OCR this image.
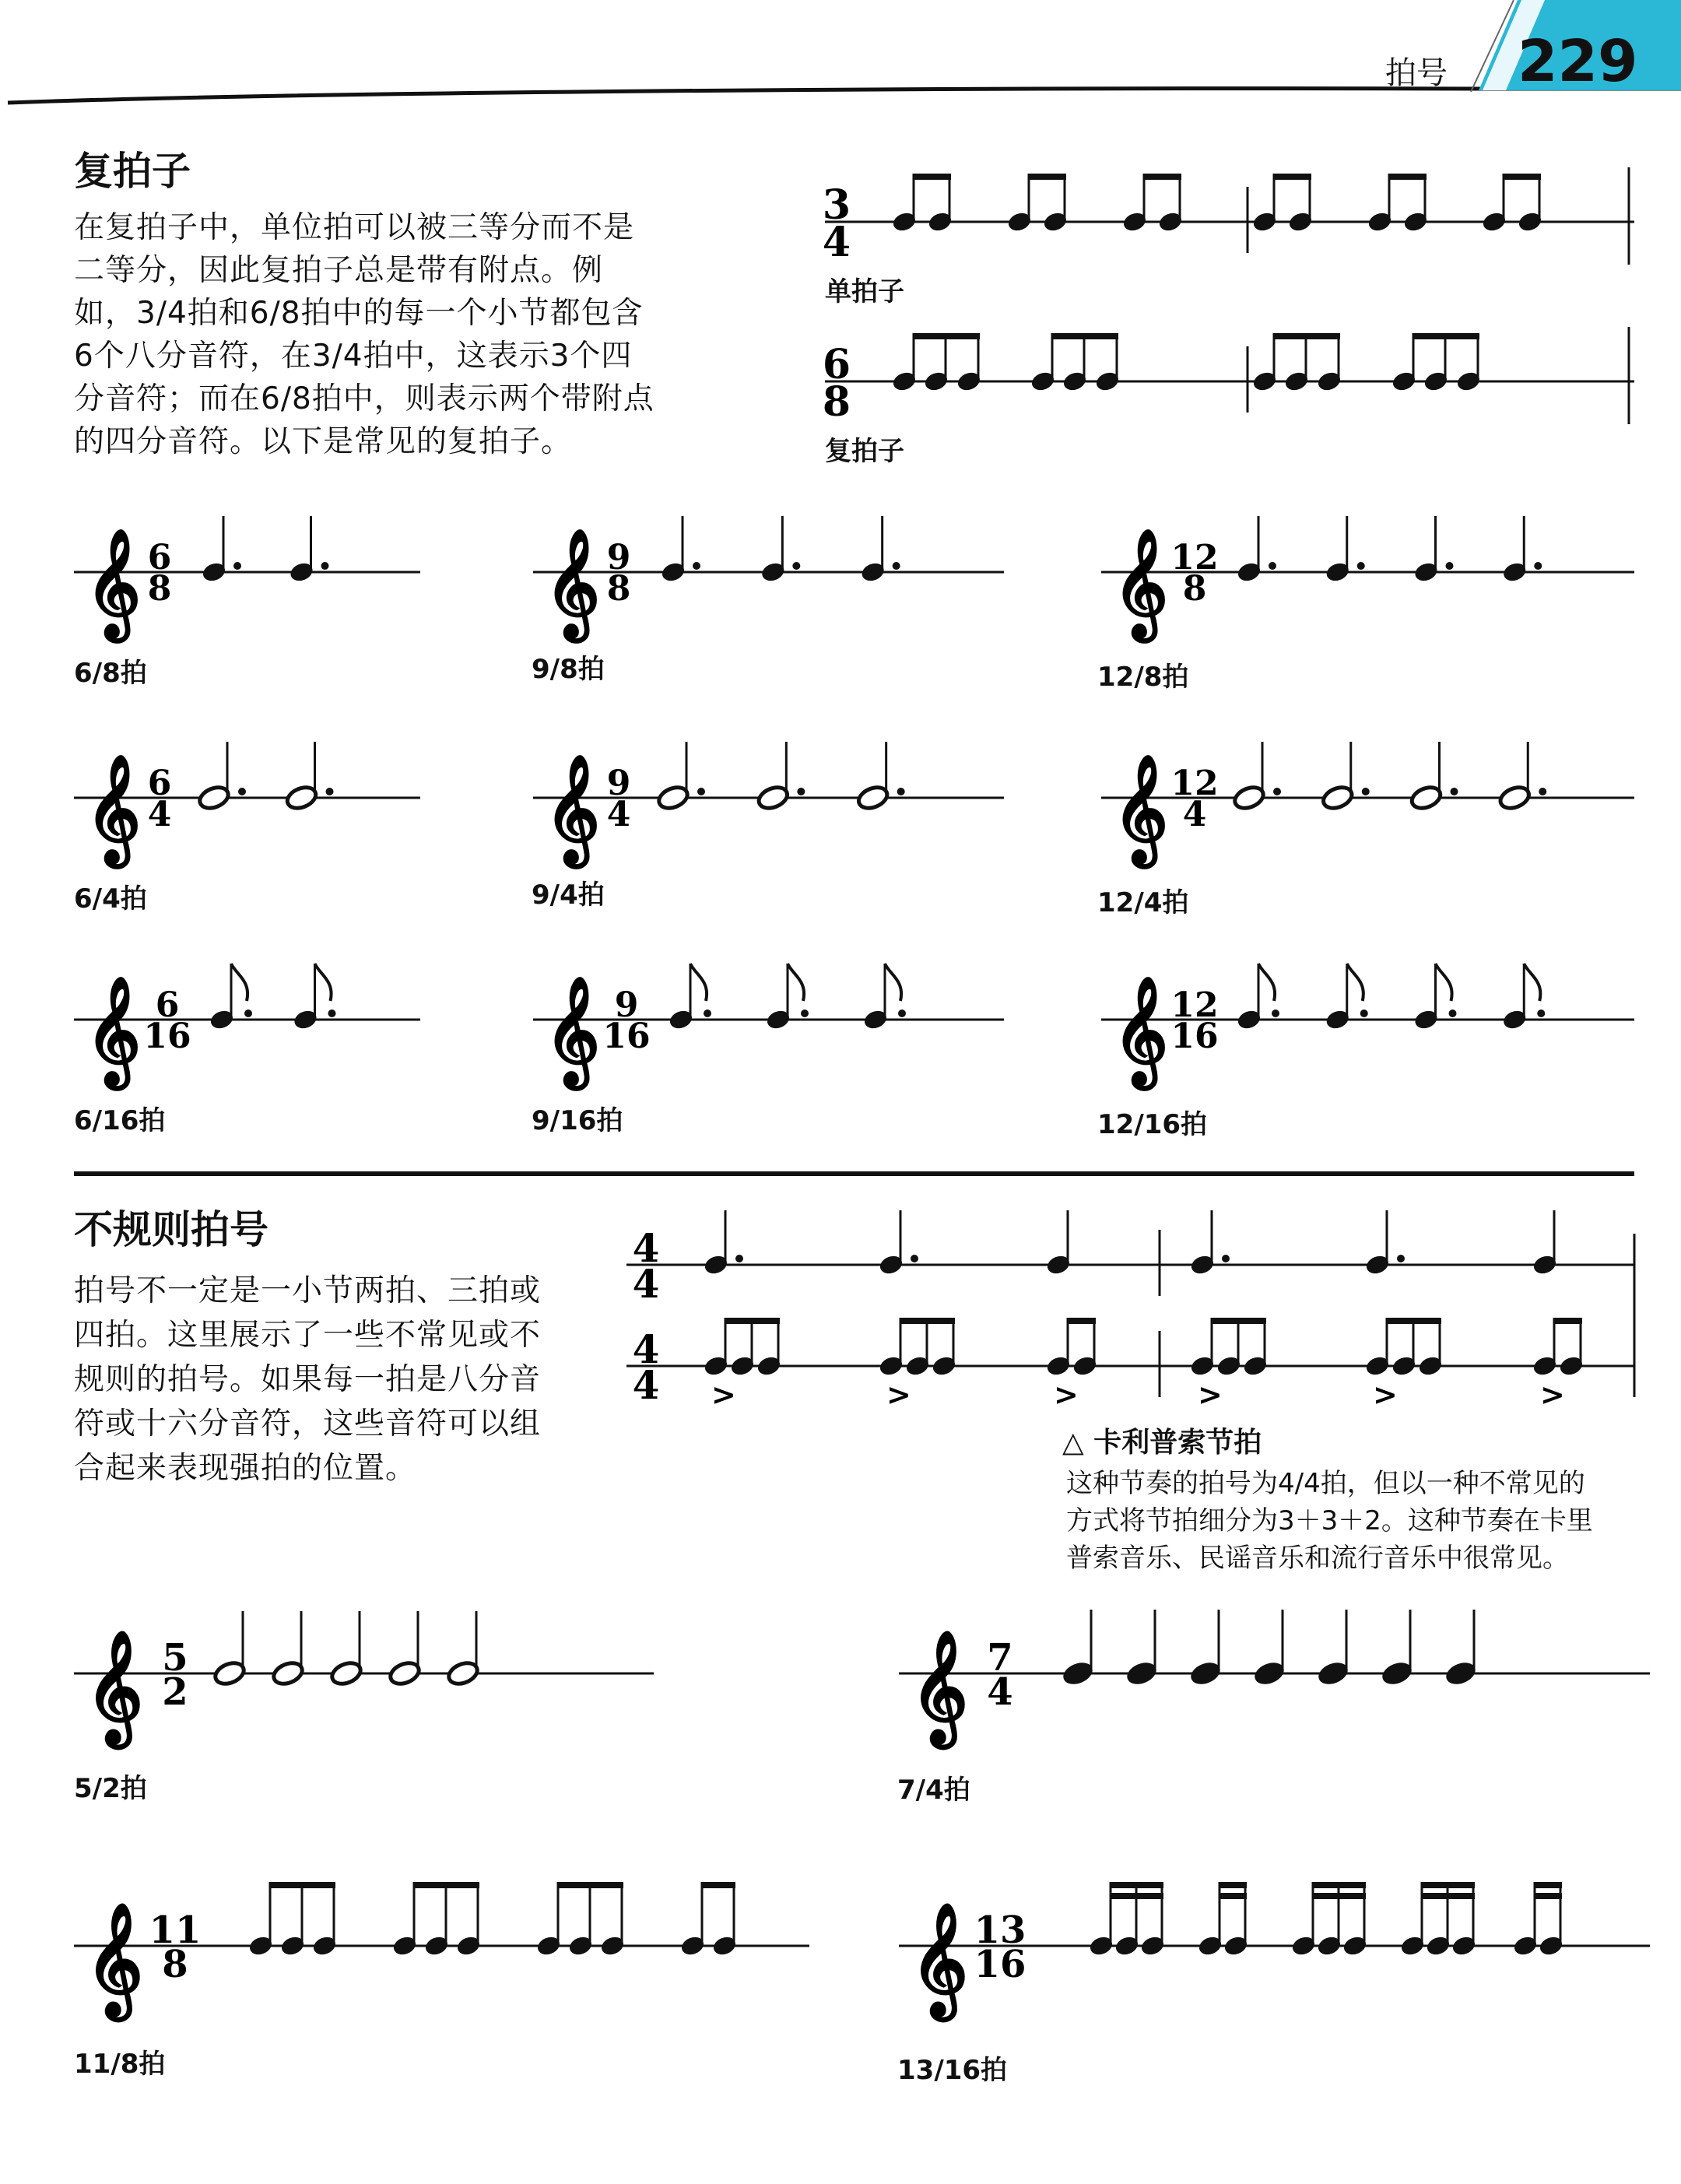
拍号 229
复拍子
在复拍子中，单位拍可以被三等分而不是
二等分，因此复拍子总是带有附点。例
如，3/4拍和6/8拍中的每一个小节都包含
6个八分音符，在3/4拍中，这表示3个四
分音符；而在6/8拍中，则表示两个带附点
的四分音符。以下是常见的复拍子。
3
4
单拍子
6
8
复拍子
𝄞 6
8	𝄞 9
8	𝄞 12
8
6/8拍	9/8拍	12/8拍
𝄞 6
4	𝄞 9
4	𝄞 12
4
6/4拍	9/4拍	12/4拍
𝄞 6
16	𝄞 9
16	𝄞 12
16
6/16拍	9/16拍	12/16拍
不规则拍号
拍号不一定是一小节两拍、三拍或
四拍。这里展示了一些不常见或不
规则的拍号。如果每一拍是八分音
符或十六分音符，这些音符可以组
合起来表现强拍的位置。
4
4
4
4 >	>	>	>	>	>
△ 卡利普索节拍
这种节奏的拍号为4/4拍，但以一种不常见的
方式将节拍细分为3＋3＋2。这种节奏在卡里
普索音乐、民谣音乐和流行音乐中很常见。
𝄞 5
2	𝄞 7
4
5/2拍	7/4拍
𝄞 11
8	𝄞 13
16
11/8拍	13/16拍
